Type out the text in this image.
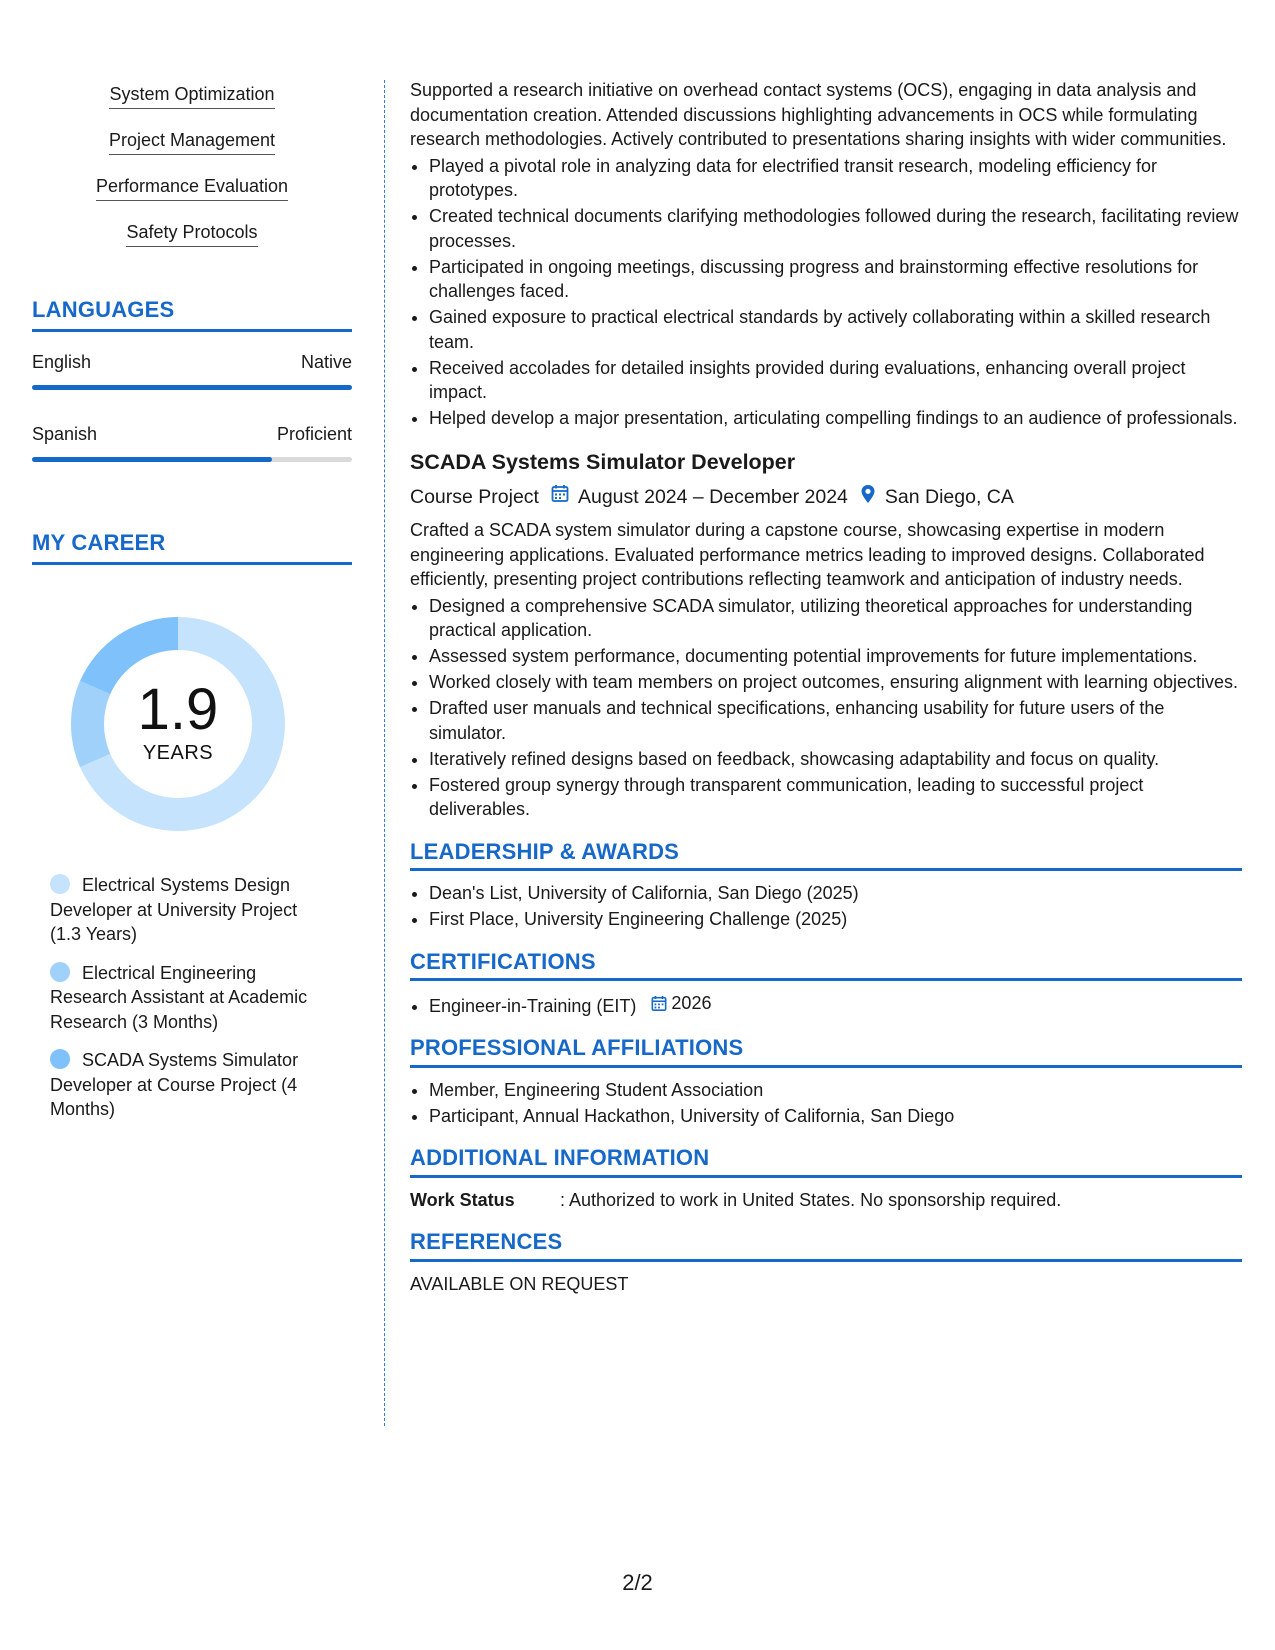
System Optimization
Project Management
Performance Evaluation
Safety Protocols
LANGUAGES
English	Native
Spanish	Proficient
MY CAREER
1.9
YEARS
Electrical Systems Design Developer at University Project (1.3 Years)
Electrical Engineering Research Assistant at Academic Research (3 Months)
SCADA Systems Simulator Developer at Course Project (4 Months)

Supported a research initiative on overhead contact systems (OCS), engaging in data analysis and documentation creation. Attended discussions highlighting advancements in OCS while formulating research methodologies. Actively contributed to presentations sharing insights with wider communities.

• Played a pivotal role in analyzing data for electrified transit research, modeling efficiency for prototypes.
• Created technical documents clarifying methodologies followed during the research, facilitating review processes.
• Participated in ongoing meetings, discussing progress and brainstorming effective resolutions for challenges faced.
• Gained exposure to practical electrical standards by actively collaborating within a skilled research team.
• Received accolades for detailed insights provided during evaluations, enhancing overall project impact.
• Helped develop a major presentation, articulating compelling findings to an audience of professionals.
SCADA Systems Simulator Developer
Course Project August 2024 – December 2024 San Diego, CA

Crafted a SCADA system simulator during a capstone course, showcasing expertise in modern engineering applications. Evaluated performance metrics leading to improved designs. Collaborated efficiently, presenting project contributions reflecting teamwork and anticipation of industry needs.

• Designed a comprehensive SCADA simulator, utilizing theoretical approaches for understanding practical application.
• Assessed system performance, documenting potential improvements for future implementations.
• Worked closely with team members on project outcomes, ensuring alignment with learning objectives.
• Drafted user manuals and technical specifications, enhancing usability for future users of the simulator.
• Iteratively refined designs based on feedback, showcasing adaptability and focus on quality.
• Fostered group synergy through transparent communication, leading to successful project deliverables.
LEADERSHIP & AWARDS
• Dean's List, University of California, San Diego (2025)
• First Place, University Engineering Challenge (2025)
CERTIFICATIONS
• Engineer-in-Training (EIT) 2026
PROFESSIONAL AFFILIATIONS
• Member, Engineering Student Association
• Participant, Annual Hackathon, University of California, San Diego
ADDITIONAL INFORMATION
Work Status	: Authorized to work in United States. No sponsorship required.
REFERENCES
AVAILABLE ON REQUEST
2/2
